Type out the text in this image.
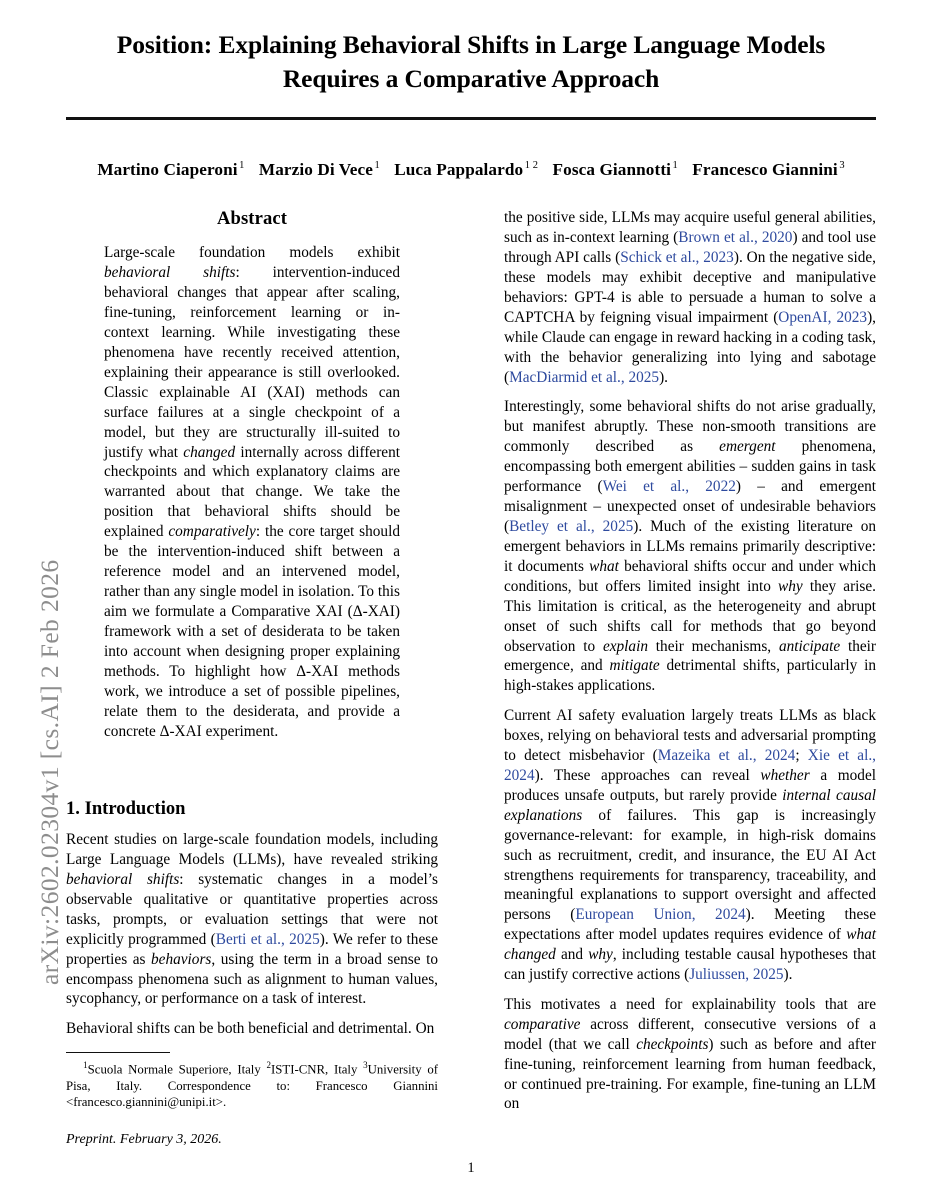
arXiv:2602.02304v1 [cs.AI] 2 Feb 2026
Position: Explaining Behavioral Shifts in Large Language Models
Requires a Comparative Approach
Martino Ciaperoni $^1$ Marzio Di Vece $^1$ Luca Pappalardo $^{1 2}$ Fosca Giannotti $^1$ Francesco Giannini $^3$
Abstract

Large-scale foundation models exhibit behavioral shifts: intervention-induced behavioral changes that appear after scaling, fine-tuning, reinforcement learning or in-context learning. While investigating these phenomena have recently received attention, explaining their appearance is still overlooked. Classic explainable AI (XAI) methods can surface failures at a single checkpoint of a model, but they are structurally ill-suited to justify what changed internally across different checkpoints and which explanatory claims are warranted about that change. We take the position that behavioral shifts should be explained comparatively: the core target should be the intervention-induced shift between a reference model and an intervened model, rather than any single model in isolation. To this aim we formulate a Comparative XAI (Δ-XAI) framework with a set of desiderata to be taken into account when designing proper explaining methods. To highlight how Δ-XAI methods work, we introduce a set of possible pipelines, relate them to the desiderata, and provide a concrete Δ-XAI experiment.

1. Introduction

Recent studies on large-scale foundation models, including Large Language Models (LLMs), have revealed striking behavioral shifts: systematic changes in a model’s observable qualitative or quantitative properties across tasks, prompts, or evaluation settings that were not explicitly programmed (Berti et al., 2025). We refer to these properties as behaviors, using the term in a broad sense to encompass phenomena such as alignment to human values, sycophancy, or performance on a task of interest.

Behavioral shifts can be both beneficial and detrimental. On

the positive side, LLMs may acquire useful general abilities, such as in-context learning (Brown et al., 2020) and tool use through API calls (Schick et al., 2023). On the negative side, these models may exhibit deceptive and manipulative behaviors: GPT-4 is able to persuade a human to solve a CAPTCHA by feigning visual impairment (OpenAI, 2023), while Claude can engage in reward hacking in a coding task, with the behavior generalizing into lying and sabotage (MacDiarmid et al., 2025).

Interestingly, some behavioral shifts do not arise gradually, but manifest abruptly. These non-smooth transitions are commonly described as emergent phenomena, encompassing both emergent abilities – sudden gains in task performance (Wei et al., 2022) – and emergent misalignment – unexpected onset of undesirable behaviors (Betley et al., 2025). Much of the existing literature on emergent behaviors in LLMs remains primarily descriptive: it documents what behavioral shifts occur and under which conditions, but offers limited insight into why they arise. This limitation is critical, as the heterogeneity and abrupt onset of such shifts call for methods that go beyond observation to explain their mechanisms, anticipate their emergence, and mitigate detrimental shifts, particularly in high-stakes applications.

Current AI safety evaluation largely treats LLMs as black boxes, relying on behavioral tests and adversarial prompting to detect misbehavior (Mazeika et al., 2024; Xie et al., 2024). These approaches can reveal whether a model produces unsafe outputs, but rarely provide internal causal explanations of failures. This gap is increasingly governance-relevant: for example, in high-risk domains such as recruitment, credit, and insurance, the EU AI Act strengthens requirements for transparency, traceability, and meaningful explanations to support oversight and affected persons (European Union, 2024). Meeting these expectations after model updates requires evidence of what changed and why, including testable causal hypotheses that can justify corrective actions (Juliussen, 2025).

This motivates a need for explainability tools that are comparative across different, consecutive versions of a model (that we call checkpoints) such as before and after fine-tuning, reinforcement learning from human feedback, or continued pre-training. For example, fine-tuning an LLM on

$^1$Scuola Normale Superiore, Italy $^2$ISTI-CNR, Italy $^3$University of Pisa, Italy. Correspondence to: Francesco Giannini <francesco.giannini@unipi.it>.

Preprint. February 3, 2026.

1
